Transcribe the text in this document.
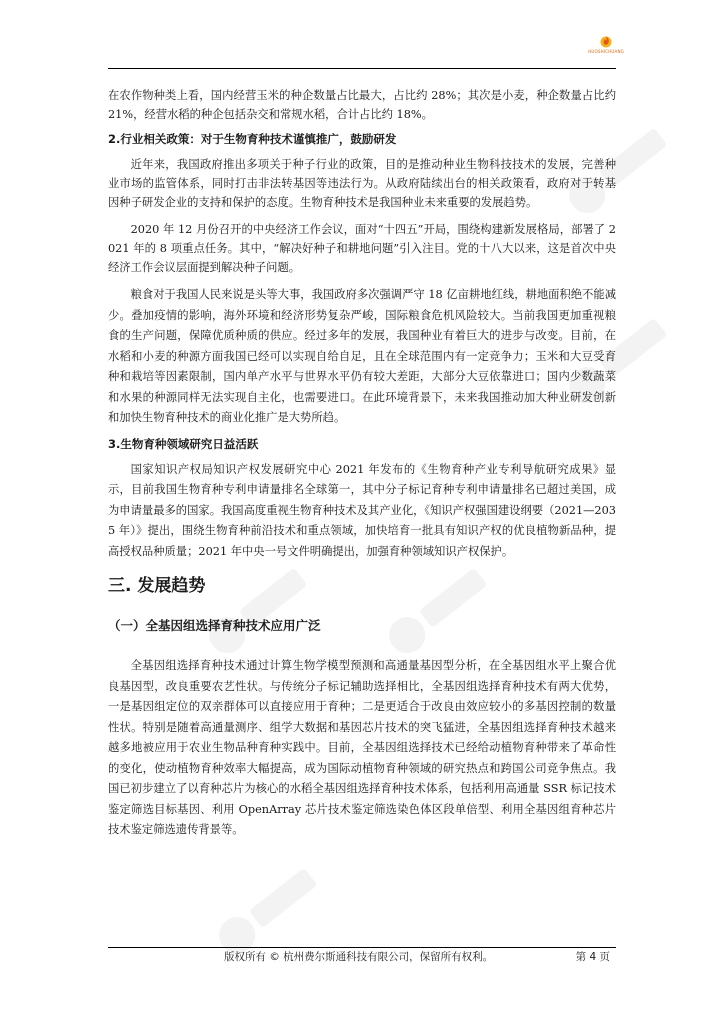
HUOSHICHUANG

在农作物种类上看，国内经营玉米的种企数量占比最大，占比约 28%；其次是小麦，种企数量占比约 21%，经营水稻的种企包括杂交和常规水稻，合计占比约 18%。

2.行业相关政策：对于生物育种技术谨慎推广，鼓励研发

近年来，我国政府推出多项关于种子行业的政策，目的是推动种业生物科技技术的发展，完善种业市场的监管体系，同时打击非法转基因等违法行为。从政府陆续出台的相关政策看，政府对于转基因种子研发企业的支持和保护的态度。生物育种技术是我国种业未来重要的发展趋势。

2020 年 12 月份召开的中央经济工作会议，面对“十四五”开局，围绕构建新发展格局，部署了 2021 年的 8 项重点任务。其中，“解决好种子和耕地问题”引入注目。党的十八大以来，这是首次中央经济工作会议层面提到解决种子问题。

粮食对于我国人民来说是头等大事，我国政府多次强调严守 18 亿亩耕地红线，耕地面积绝不能减少。叠加疫情的影响，海外环境和经济形势复杂严峻，国际粮食危机风险较大。当前我国更加重视粮食的生产问题，保障优质种质的供应。经过多年的发展，我国种业有着巨大的进步与改变。目前，在水稻和小麦的种源方面我国已经可以实现自给自足，且在全球范围内有一定竞争力；玉米和大豆受育种和栽培等因素限制，国内单产水平与世界水平仍有较大差距，大部分大豆依靠进口；国内少数蔬菜和水果的种源同样无法实现自主化，也需要进口。在此环境背景下，未来我国推动加大种业研发创新和加快生物育种技术的商业化推广是大势所趋。

3.生物育种领域研究日益活跃

国家知识产权局知识产权发展研究中心 2021 年发布的《生物育种产业专利导航研究成果》显示，目前我国生物育种专利申请量排名全球第一，其中分子标记育种专利申请量排名已超过美国，成为申请量最多的国家。我国高度重视生物育种技术及其产业化，《知识产权强国建设纲要（2021—2035 年）》提出，围绕生物育种前沿技术和重点领域，加快培育一批具有知识产权的优良植物新品种，提高授权品种质量；2021 年中央一号文件明确提出，加强育种领域知识产权保护。

三. 发展趋势

（一）全基因组选择育种技术应用广泛

全基因组选择育种技术通过计算生物学模型预测和高通量基因型分析，在全基因组水平上聚合优良基因型，改良重要农艺性状。与传统分子标记辅助选择相比，全基因组选择育种技术有两大优势，一是基因组定位的双亲群体可以直接应用于育种；二是更适合于改良由效应较小的多基因控制的数量性状。特别是随着高通量测序、组学大数据和基因芯片技术的突飞猛进，全基因组选择育种技术越来越多地被应用于农业生物品种育种实践中。目前，全基因组选择技术已经给动植物育种带来了革命性的变化，使动植物育种效率大幅提高，成为国际动植物育种领域的研究热点和跨国公司竞争焦点。我国已初步建立了以育种芯片为核心的水稻全基因组选择育种技术体系，包括利用高通量 SSR 标记技术鉴定筛选目标基因、利用 OpenArray 芯片技术鉴定筛选染色体区段单倍型、利用全基因组育种芯片技术鉴定筛选遗传背景等。

版权所有 © 杭州费尔斯通科技有限公司，保留所有权利。	第 4 页
